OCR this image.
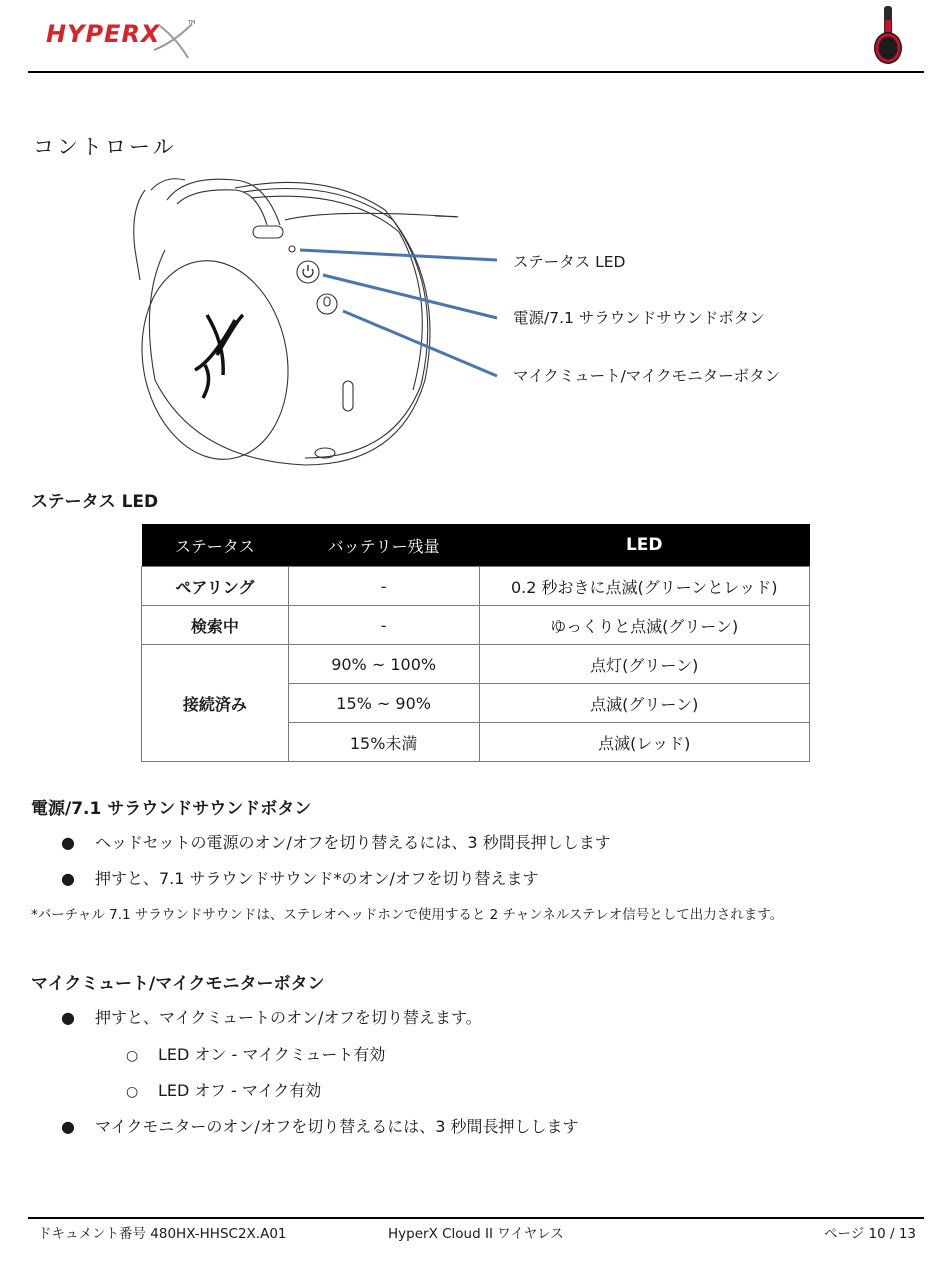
HYPERX	TM
コントロール
ステータス LED
電源/7.1 サラウンドサウンドボタン
マイクミュート/マイクモニターボタン
ステータス LED
ステータス	バッテリー残量	LED
ペアリング	-	0.2 秒おきに点滅(グリーンとレッド)
検索中	-	ゆっくりと点滅(グリーン)
接続済み	90% ~ 100%	点灯(グリーン)
	15% ~ 90%	点滅(グリーン)
	15%未満	点滅(レッド)
電源/7.1 サラウンドサウンドボタン
● ヘッドセットの電源のオン/オフを切り替えるには、3 秒間長押しします
● 押すと、7.1 サラウンドサウンド*のオン/オフを切り替えます
*バーチャル 7.1 サラウンドサウンドは、ステレオヘッドホンで使用すると 2 チャンネルステレオ信号として出力されます。
マイクミュート/マイクモニターボタン
● 押すと、マイクミュートのオン/オフを切り替えます。
○ LED オン - マイクミュート有効
○ LED オフ - マイク有効
● マイクモニターのオン/オフを切り替えるには、3 秒間長押しします
ドキュメント番号 480HX-HHSC2X.A01	HyperX Cloud II ワイヤレス	ページ 10 / 13
